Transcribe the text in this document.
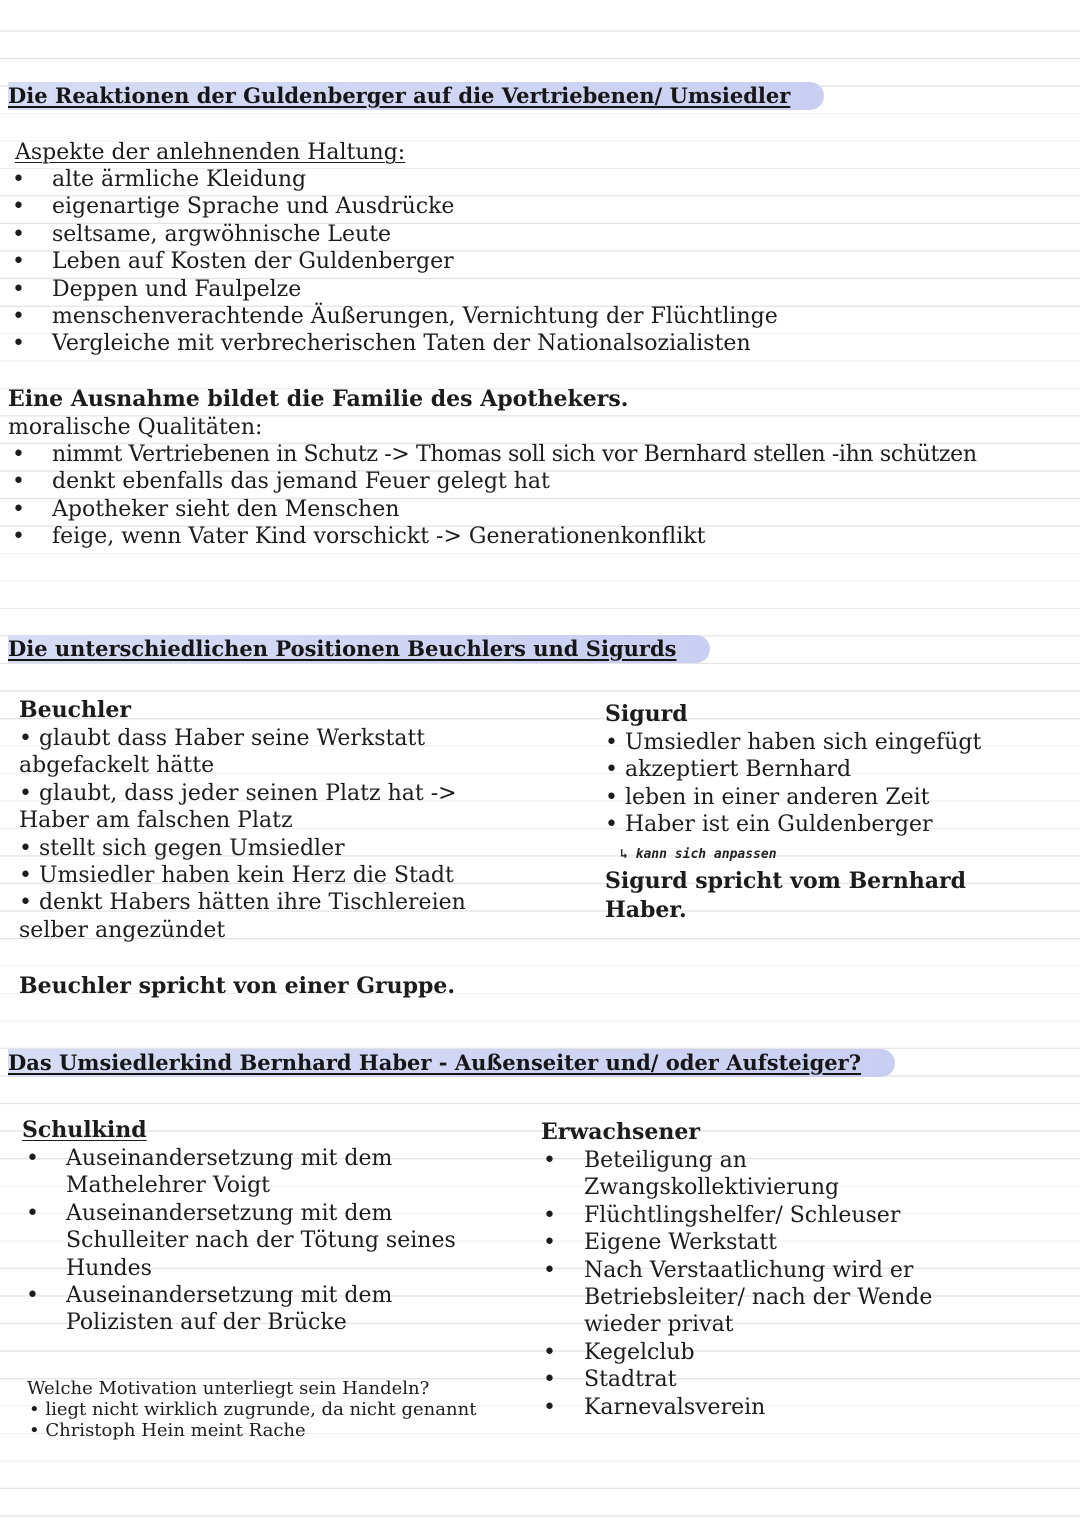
Die Reaktionen der Guldenberger auf die Vertriebenen/ Umsiedler
Aspekte der anlehnenden Haltung:
• alte ärmliche Kleidung
• eigenartige Sprache und Ausdrücke
• seltsame, argwöhnische Leute
• Leben auf Kosten der Guldenberger
• Deppen und Faulpelze
• menschenverachtende Äußerungen, Vernichtung der Flüchtlinge
• Vergleiche mit verbrecherischen Taten der Nationalsozialisten
Eine Ausnahme bildet die Familie des Apothekers.
moralische Qualitäten:
• nimmt Vertriebenen in Schutz -> Thomas soll sich vor Bernhard stellen -ihn schützen
• denkt ebenfalls das jemand Feuer gelegt hat
• Apotheker sieht den Menschen
• feige, wenn Vater Kind vorschickt -> Generationenkonflikt
Die unterschiedlichen Positionen Beuchlers und Sigurds
Beuchler
• glaubt dass Haber seine Werkstatt
abgefackelt hätte
• glaubt, dass jeder seinen Platz hat ->
Haber am falschen Platz
• stellt sich gegen Umsiedler
• Umsiedler haben kein Herz die Stadt
• denkt Habers hätten ihre Tischlereien
selber angezündet
Beuchler spricht von einer Gruppe.
Sigurd
• Umsiedler haben sich eingefügt
• akzeptiert Bernhard
• leben in einer anderen Zeit
• Haber ist ein Guldenberger
↳ kann sich anpassen
Sigurd spricht vom Bernhard
Haber.
Das Umsiedlerkind Bernhard Haber - Außenseiter und/ oder Aufsteiger?
Schulkind
• Auseinandersetzung mit dem
Mathelehrer Voigt
• Auseinandersetzung mit dem
Schulleiter nach der Tötung seines
Hundes
• Auseinandersetzung mit dem
Polizisten auf der Brücke
Welche Motivation unterliegt sein Handeln?
• liegt nicht wirklich zugrunde, da nicht genannt
• Christoph Hein meint Rache
Erwachsener
• Beteiligung an
Zwangskollektivierung
• Flüchtlingshelfer/ Schleuser
• Eigene Werkstatt
• Nach Verstaatlichung wird er
Betriebsleiter/ nach der Wende
wieder privat
• Kegelclub
• Stadtrat
• Karnevalsverein
